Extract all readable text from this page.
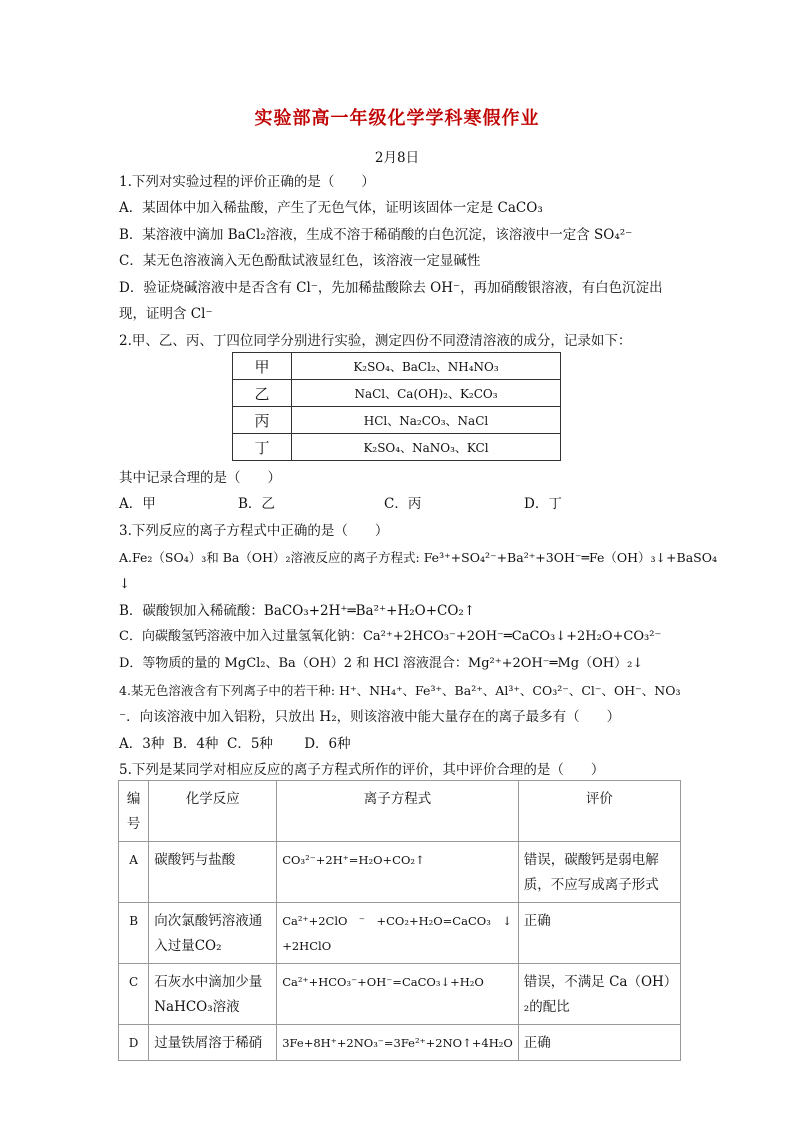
实验部高一年级化学学科寒假作业
2月8日
1.下列对实验过程的评价正确的是（　　）
A．某固体中加入稀盐酸，产生了无色气体，证明该固体一定是 CaCO₃
B．某溶液中滴加 BaCl₂溶液，生成不溶于稀硝酸的白色沉淀，该溶液中一定含 SO₄²⁻
C．某无色溶液滴入无色酚酞试液显红色，该溶液一定显碱性
D．验证烧碱溶液中是否含有 Cl⁻，先加稀盐酸除去 OH⁻，再加硝酸银溶液，有白色沉淀出
现，证明含 Cl⁻
2.甲、乙、丙、丁四位同学分别进行实验，测定四份不同澄清溶液的成分，记录如下：
甲	K₂SO₄、BaCl₂、NH₄NO₃
乙	NaCl、Ca(OH)₂、K₂CO₃
丙	HCl、Na₂CO₃、NaCl
丁	K₂SO₄、NaNO₃、KCl
其中记录合理的是（　　）
A．甲	B．乙	C．丙	D．丁
3.下列反应的离子方程式中正确的是（　　）
A.Fe₂（SO₄）₃和 Ba（OH）₂溶液反应的离子方程式: Fe³⁺+SO₄²⁻+Ba²⁺+3OH⁻═Fe（OH）₃↓+BaSO₄
↓
B．碳酸钡加入稀硫酸：BaCO₃+2H⁺═Ba²⁺+H₂O+CO₂↑
C．向碳酸氢钙溶液中加入过量氢氧化钠：Ca²⁺+2HCO₃⁻+2OH⁻═CaCO₃↓+2H₂O+CO₃²⁻
D．等物质的量的 MgCl₂、Ba（OH）2 和 HCl 溶液混合：Mg²⁺+2OH⁻═Mg（OH）₂↓
4.某无色溶液含有下列离子中的若干种: H⁺、NH₄⁺、Fe³⁺、Ba²⁺、Al³⁺、CO₃²⁻、Cl⁻、OH⁻、NO₃
⁻．向该溶液中加入铝粉，只放出 H₂，则该溶液中能大量存在的离子最多有（　　）
A．3种  B．4种  C．5种　　 D．6种
5.下列是某同学对相应反应的离子方程式所作的评价，其中评价合理的是（　　）
编号	化学反应	离子方程式	评价
A	碳酸钙与盐酸	CO₃²⁻+2H⁺=H₂O+CO₂↑	错误，碳酸钙是弱电解质，不应写成离子形式
B	向次氯酸钙溶液通入过量CO₂	Ca²⁺+2ClO　⁻　+CO₂+H₂O=CaCO₃　↓　+2HClO	正确
C	石灰水中滴加少量NaHCO₃溶液	Ca²⁺+HCO₃⁻+OH⁻=CaCO₃↓+H₂O	错误，不满足 Ca（OH）₂的配比
D	过量铁屑溶于稀硝	3Fe+8H⁺+2NO₃⁻=3Fe²⁺+2NO↑+4H₂O	正确
